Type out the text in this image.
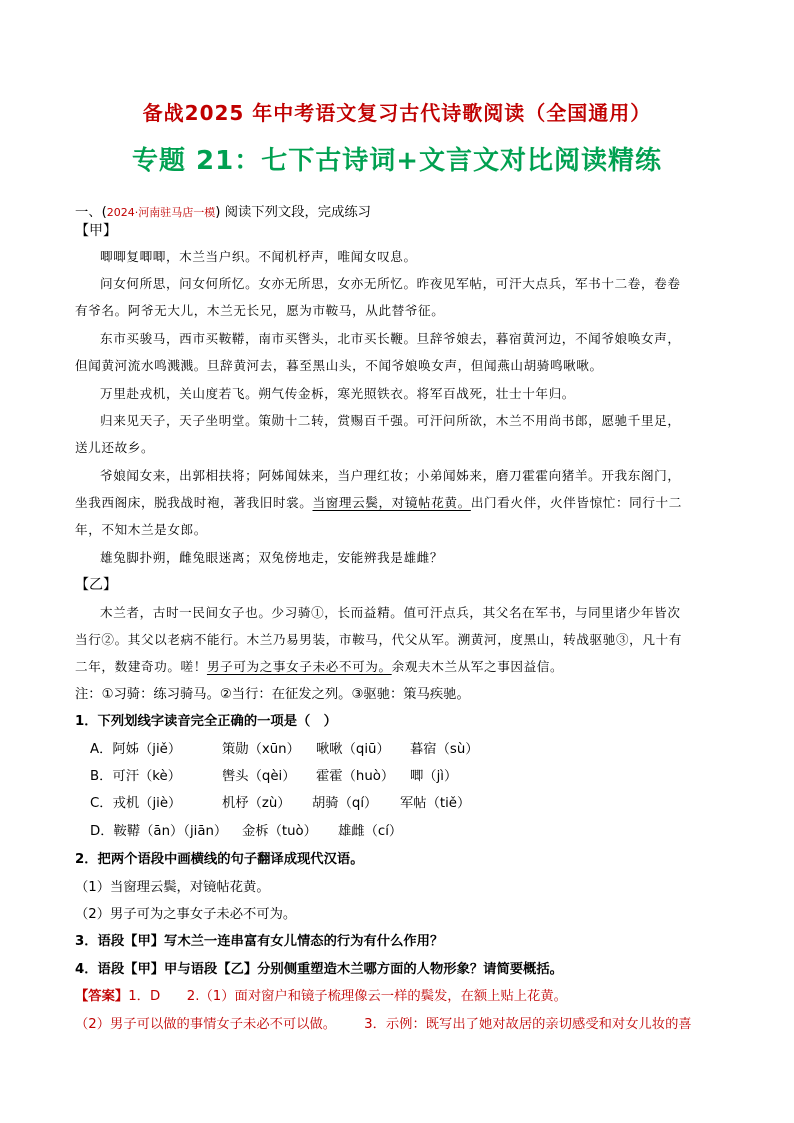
备战2025 年中考语文复习古代诗歌阅读（全国通用）
专题 21：七下古诗词+文言文对比阅读精练
一、(2024·河南驻马店一模) 阅读下列文段，完成练习
【甲】
唧唧复唧唧，木兰当户织。不闻机杼声，唯闻女叹息。
问女何所思，问女何所忆。女亦无所思，女亦无所忆。昨夜见军帖，可汗大点兵，军书十二卷，卷卷
有爷名。阿爷无大儿，木兰无长兄，愿为市鞍马，从此替爷征。
东市买骏马，西市买鞍鞯，南市买辔头，北市买长鞭。旦辞爷娘去，暮宿黄河边，不闻爷娘唤女声，
但闻黄河流水鸣溅溅。旦辞黄河去，暮至黑山头，不闻爷娘唤女声，但闻燕山胡骑鸣啾啾。
万里赴戎机，关山度若飞。朔气传金柝，寒光照铁衣。将军百战死，壮士十年归。
归来见天子，天子坐明堂。策勋十二转，赏赐百千强。可汗问所欲，木兰不用尚书郎，愿驰千里足，
送儿还故乡。
爷娘闻女来，出郭相扶将；阿姊闻妹来，当户理红妆；小弟闻姊来，磨刀霍霍向猪羊。开我东阁门，
坐我西阁床，脱我战时袍，著我旧时裳。当窗理云鬓，对镜帖花黄。出门看火伴，火伴皆惊忙：同行十二
年，不知木兰是女郎。
雄兔脚扑朔，雌兔眼迷离；双兔傍地走，安能辨我是雄雌？
【乙】
木兰者，古时一民间女子也。少习骑①，长而益精。值可汗点兵，其父名在军书，与同里诸少年皆次
当行②。其父以老病不能行。木兰乃易男装，市鞍马，代父从军。溯黄河，度黑山，转战驱驰③，凡十有
二年，数建奇功。嗟！男子可为之事女子未必不可为。余观夫木兰从军之事因益信。
注：①习骑：练习骑马。②当行：在征发之列。③驱驰：策马疾驰。
1．下列划线字读音完全正确的一项是（　）
A．阿姊（jiě）	策勋（xūn） 啾啾（qiū） 暮宿（sù）
B．可汗（kè）	辔头（qèi） 霍霍（huò） 唧（jì）
C．戎机（jiè）	机杼（zù） 胡骑（qí） 军帖（tiě）
D．鞍鞯（ān）（jiān） 金柝（tuò） 雄雌（cí）
2．把两个语段中画横线的句子翻译成现代汉语。
（1）当窗理云鬓，对镜帖花黄。
（2）男子可为之事女子未必不可为。
3．语段【甲】写木兰一连串富有女儿情态的行为有什么作用？
4．语段【甲】甲与语段【乙】分别侧重塑造木兰哪方面的人物形象？请简要概括。
【答案】1．D　　2.（1）面对窗户和镜子梳理像云一样的鬓发，在额上贴上花黄。
（2）男子可以做的事情女子未必不可以做。 3．示例：既写出了她对故居的亲切感受和对女儿妆的喜
